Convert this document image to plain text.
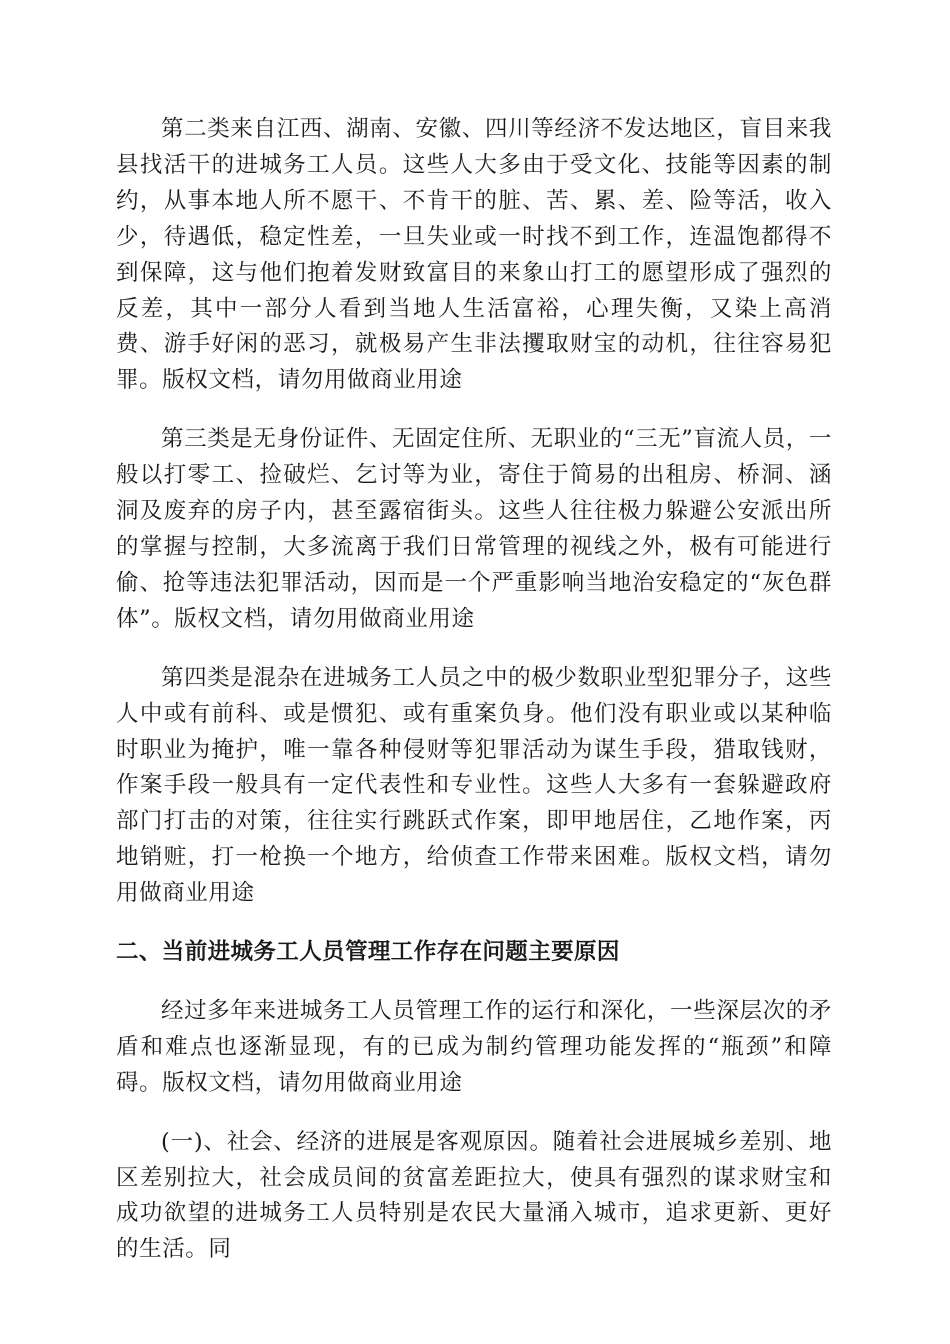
第二类来自江西、湖南、安徽、四川等经济不发达地区，盲目来我县找活干的进城务工人员。这些人大多由于受文化、技能等因素的制约，从事本地人所不愿干、不肯干的脏、苦、累、差、险等活，收入少，待遇低，稳定性差，一旦失业或一时找不到工作，连温饱都得不到保障，这与他们抱着发财致富目的来象山打工的愿望形成了强烈的反差，其中一部分人看到当地人生活富裕，心理失衡，又染上高消费、游手好闲的恶习，就极易产生非法攫取财宝的动机，往往容易犯罪。版权文档，请勿用做商业用途

第三类是无身份证件、无固定住所、无职业的“三无”盲流人员，一般以打零工、捡破烂、乞讨等为业，寄住于简易的出租房、桥洞、涵洞及废弃的房子内，甚至露宿街头。这些人往往极力躲避公安派出所的掌握与控制，大多流离于我们日常管理的视线之外，极有可能进行偷、抢等违法犯罪活动，因而是一个严重影响当地治安稳定的“灰色群体”。版权文档，请勿用做商业用途

第四类是混杂在进城务工人员之中的极少数职业型犯罪分子，这些人中或有前科、或是惯犯、或有重案负身。他们没有职业或以某种临时职业为掩护，唯一靠各种侵财等犯罪活动为谋生手段，猎取钱财，作案手段一般具有一定代表性和专业性。这些人大多有一套躲避政府部门打击的对策，往往实行跳跃式作案，即甲地居住，乙地作案，丙地销赃，打一枪换一个地方，给侦查工作带来困难。版权文档，请勿用做商业用途

二、当前进城务工人员管理工作存在问题主要原因

经过多年来进城务工人员管理工作的运行和深化，一些深层次的矛盾和难点也逐渐显现，有的已成为制约管理功能发挥的“瓶颈”和障碍。版权文档，请勿用做商业用途

(一)、社会、经济的进展是客观原因。随着社会进展城乡差别、地区差别拉大，社会成员间的贫富差距拉大，使具有强烈的谋求财宝和成功欲望的进城务工人员特别是农民大量涌入城市，追求更新、更好的生活。同
